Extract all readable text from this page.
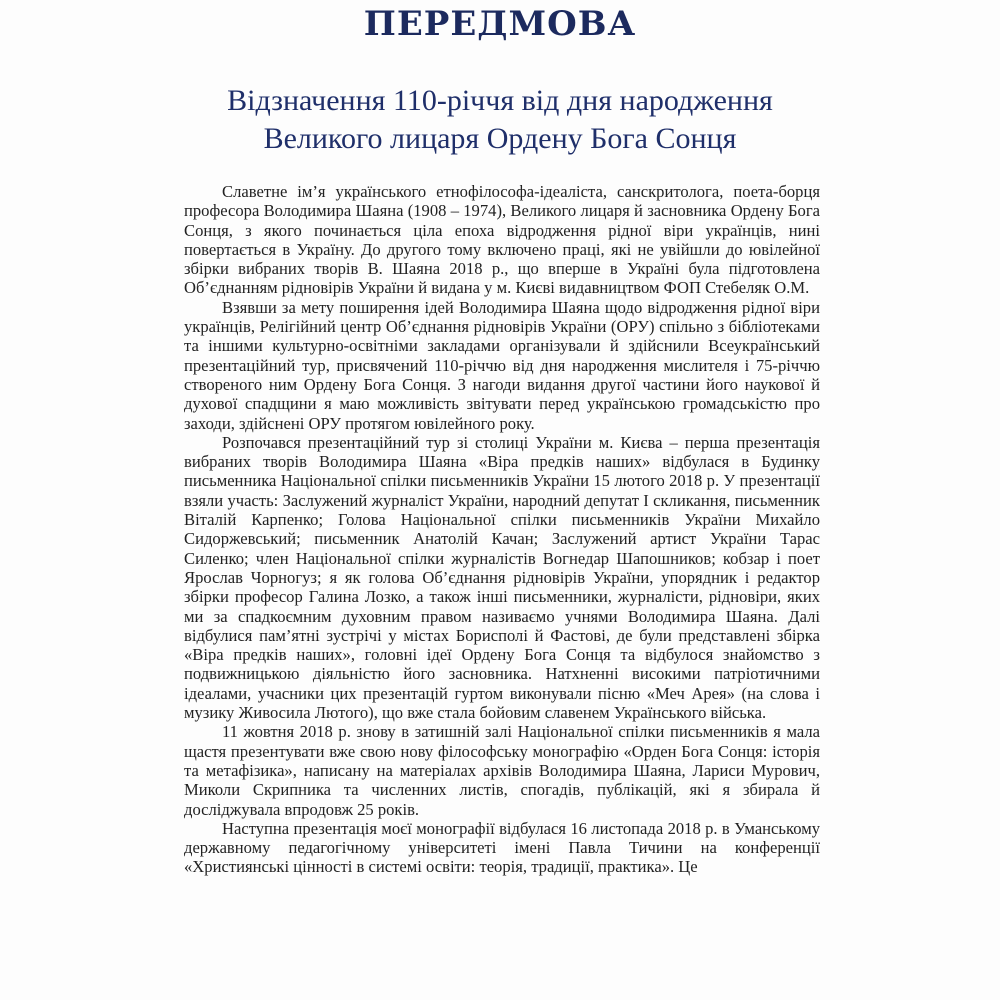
ПЕРЕДМОВА
Відзначення 110-річчя від дня народження
Великого лицаря Ордену Бога Сонця

Славетне ім’я українського етнофілософа-ідеаліста, санскритолога, поета-борця професора Володимира Шаяна (1908 – 1974), Великого лицаря й засновника Ордену Бога Сонця, з якого починається ціла епоха відродження рідної віри українців, нині повертається в Україну. До другого тому включено праці, які не увійшли до ювілейної збірки вибраних творів В. Шаяна 2018 р., що вперше в Україні була підготовлена Об’єднанням рідновірів України й видана у м. Києві видавництвом ФОП Стебеляк О.М.

Взявши за мету поширення ідей Володимира Шаяна щодо відродження рідної віри українців, Релігійний центр Об’єднання рідновірів України (ОРУ) спільно з бібліотеками та іншими культурно-освітніми закладами організували й здійснили Всеукраїнський презентаційний тур, присвячений 110-річчю від дня народження мислителя і 75-річчю створеного ним Ордену Бога Сонця. З нагоди видання другої частини його наукової й духової спадщини я маю можливість звітувати перед українською громадськістю про заходи, здійснені ОРУ протягом ювілейного року.

Розпочався презентаційний тур зі столиці України м. Києва – перша презентація вибраних творів Володимира Шаяна «Віра предків наших» відбулася в Будинку письменника Національної спілки письменників України 15 лютого 2018 р. У презентації взяли участь: Заслужений журналіст України, народний депутат I скликання, письменник Віталій Карпенко; Голова Національної спілки письменників України Михайло Сидоржевський; письменник Анатолій Качан; Заслужений артист України Тарас Силенко; член Національної спілки журналістів Вогнедар Шапошников; кобзар і поет Ярослав Чорногуз; я як голова Об’єднання рідновірів України, упорядник і редактор збірки професор Галина Лозко, а також інші письменники, журналісти, рідновіри, яких ми за спадкоємним духовним правом називаємо учнями Володимира Шаяна. Далі відбулися пам’ятні зустрічі у містах Борисполі й Фастові, де були представлені збірка «Віра предків наших», головні ідеї Ордену Бога Сонця та відбулося знайомство з подвижницькою діяльністю його засновника. Натхненні високими патріотичними ідеалами, учасники цих презентацій гуртом виконували пісню «Меч Арея» (на слова і музику Живосила Лютого), що вже стала бойовим славенем Українського війська.

11 жовтня 2018 р. знову в затишній залі Національної спілки письменників я мала щастя презентувати вже свою нову філософську монографію «Орден Бога Сонця: історія та метафізика», написану на матеріалах архівів Володимира Шаяна, Лариси Мурович, Миколи Скрипника та численних листів, спогадів, публікацій, які я збирала й досліджувала впродовж 25 років.

Наступна презентація моєї монографії відбулася 16 листопада 2018 р. в Уманському державному педагогічному університеті імені Павла Тичини на конференції «Християнські цінності в системі освіти: теорія, традиції, практика». Це
